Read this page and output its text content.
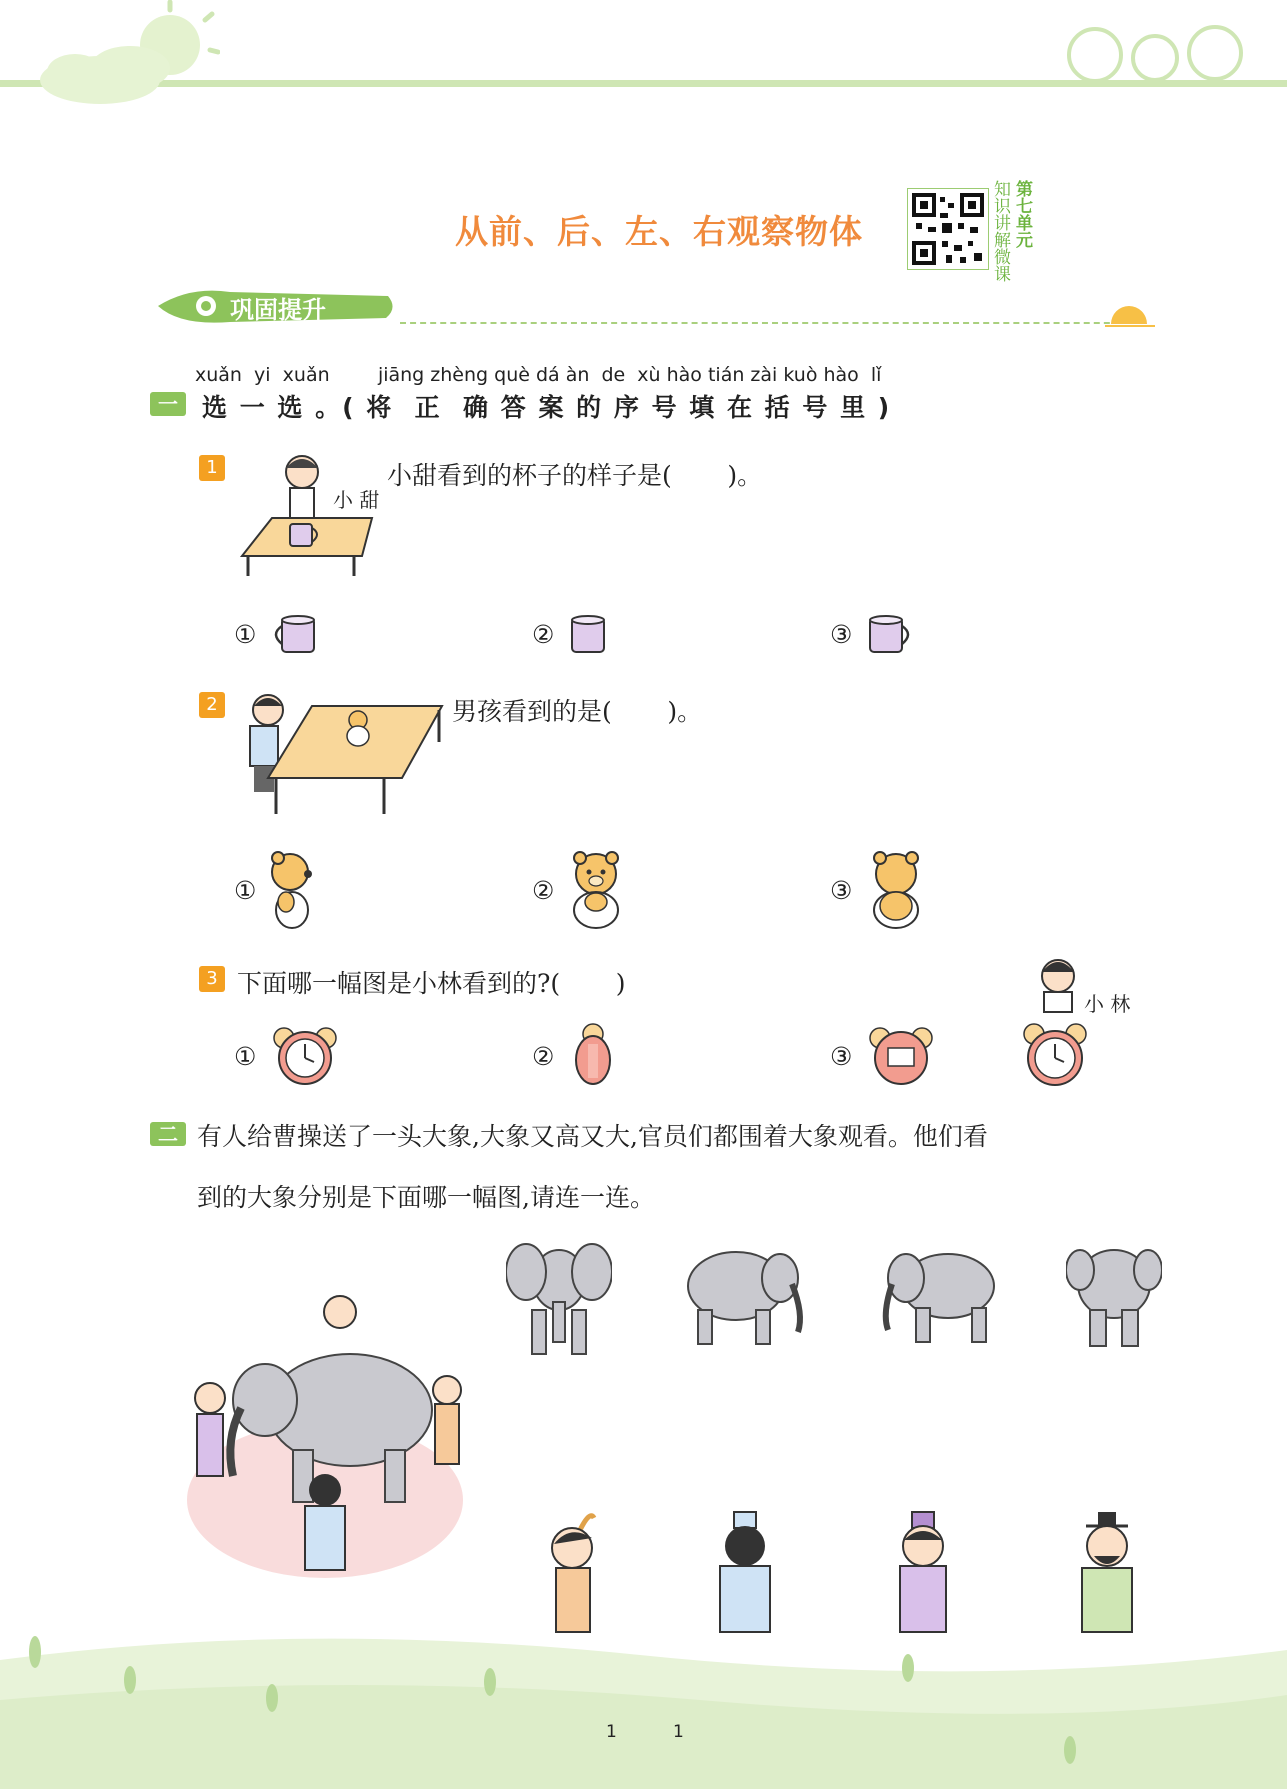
从前、后、左、右观察物体	第七单元
知识讲解微课
巩固提升
xuǎn  yi  xuǎn        jiāng zhèng què dá àn  de  xù hào tián zài kuò hào  lǐ
一 选 一 选 。( 将  正  确 答 案 的 序 号 填 在 括 号 里 )
1
小 甜
小甜看到的杯子的样子是(       )。
①	②	③
2	男孩看到的是(       )。
①	②	③
3 下面哪一幅图是小林看到的?(       )
小 林
①	②	③
二 有人给曹操送了一头大象,大象又高又大,官员们都围着大象观看。他们看
到的大象分别是下面哪一幅图,请连一连。
1	1
